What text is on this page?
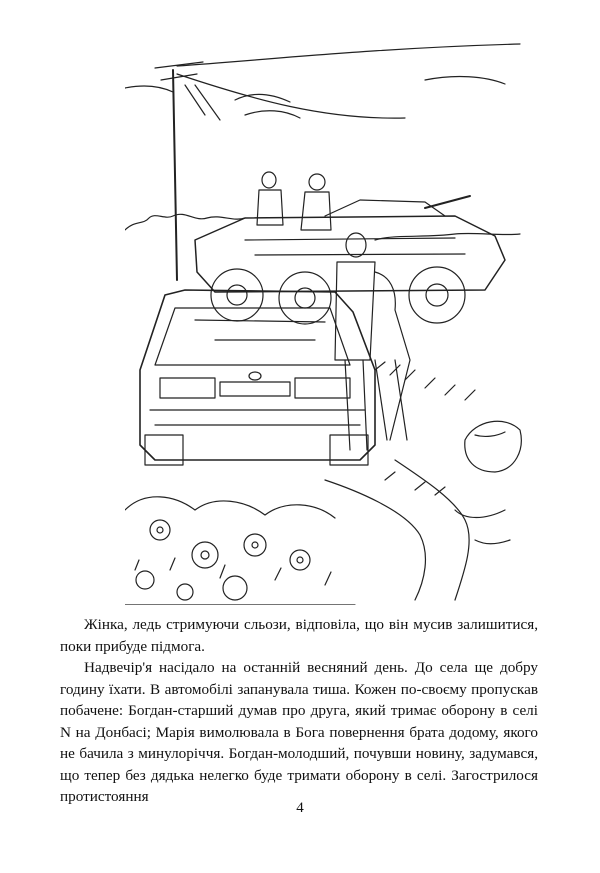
Жінка, ледь стримуючи сльози, відповіла, що він мусив залишитися, поки прибуде підмога.

Надвечір'я насідало на останній весняний день. До села ще добру годину їхати. В автомобілі запанувала тиша. Кожен по-своєму пропускав побачене: Богдан-старший думав про друга, який тримає оборону в селі N на Донбасі; Марія вимолювала в Бога повернення брата додому, якого не бачила з минулоріччя. Богдан-молодший, почувши новину, задумався, що тепер без дядька нелегко буде тримати оборону в селі. Загострилося протистояння

4
